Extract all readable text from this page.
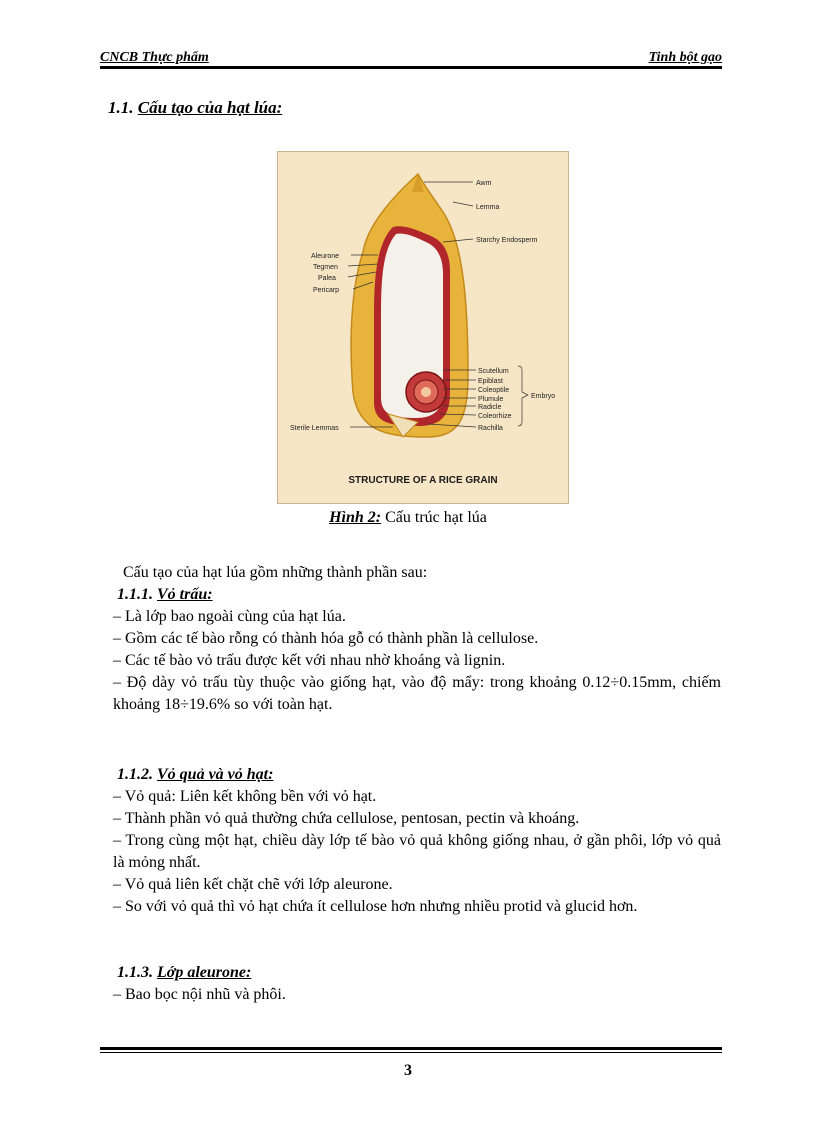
CNCB Thực phẩm	Tinh bột gạo
1.1. Cấu tạo của hạt lúa:
Awm
Lemma
Starchy Endosperm
Aleurone
Tegmen
Palea
Pericarp
Scutellum
Epiblast
Coleoptile
Plumule
Radicle
Coleorhize
Rachilla
Embryo
Sterile Lemmas
STRUCTURE OF A RICE GRAIN
Hình 2: Cấu trúc hạt lúa

Cấu tạo của hạt lúa gồm những thành phần sau:

1.1.1. Vỏ trấu:

– Là lớp bao ngoài cùng của hạt lúa.

– Gồm các tế bào rỗng có thành hóa gỗ có thành phần là cellulose.

– Các tế bào vỏ trấu được kết với nhau nhờ khoáng và lignin.

– Độ dày vỏ trấu tùy thuộc vào giống hạt, vào độ mẩy: trong khoảng 0.12÷0.15mm, chiếm khoảng 18÷19.6% so với toàn hạt.

1.1.2. Vỏ quả và vỏ hạt:

– Vỏ quả: Liên kết không bền với vỏ hạt.

– Thành phần vỏ quả thường chứa cellulose, pentosan, pectin và khoáng.

– Trong cùng một hạt, chiều dày lớp tế bào vỏ quả không giống nhau, ở gần phôi, lớp vỏ quả là mỏng nhất.

– Vỏ quả liên kết chặt chẽ với lớp aleurone.

– So với vỏ quả thì vỏ hạt chứa ít cellulose hơn nhưng nhiều protid và glucid hơn.

1.1.3. Lớp aleurone:

– Bao bọc nội nhũ và phôi.

3
